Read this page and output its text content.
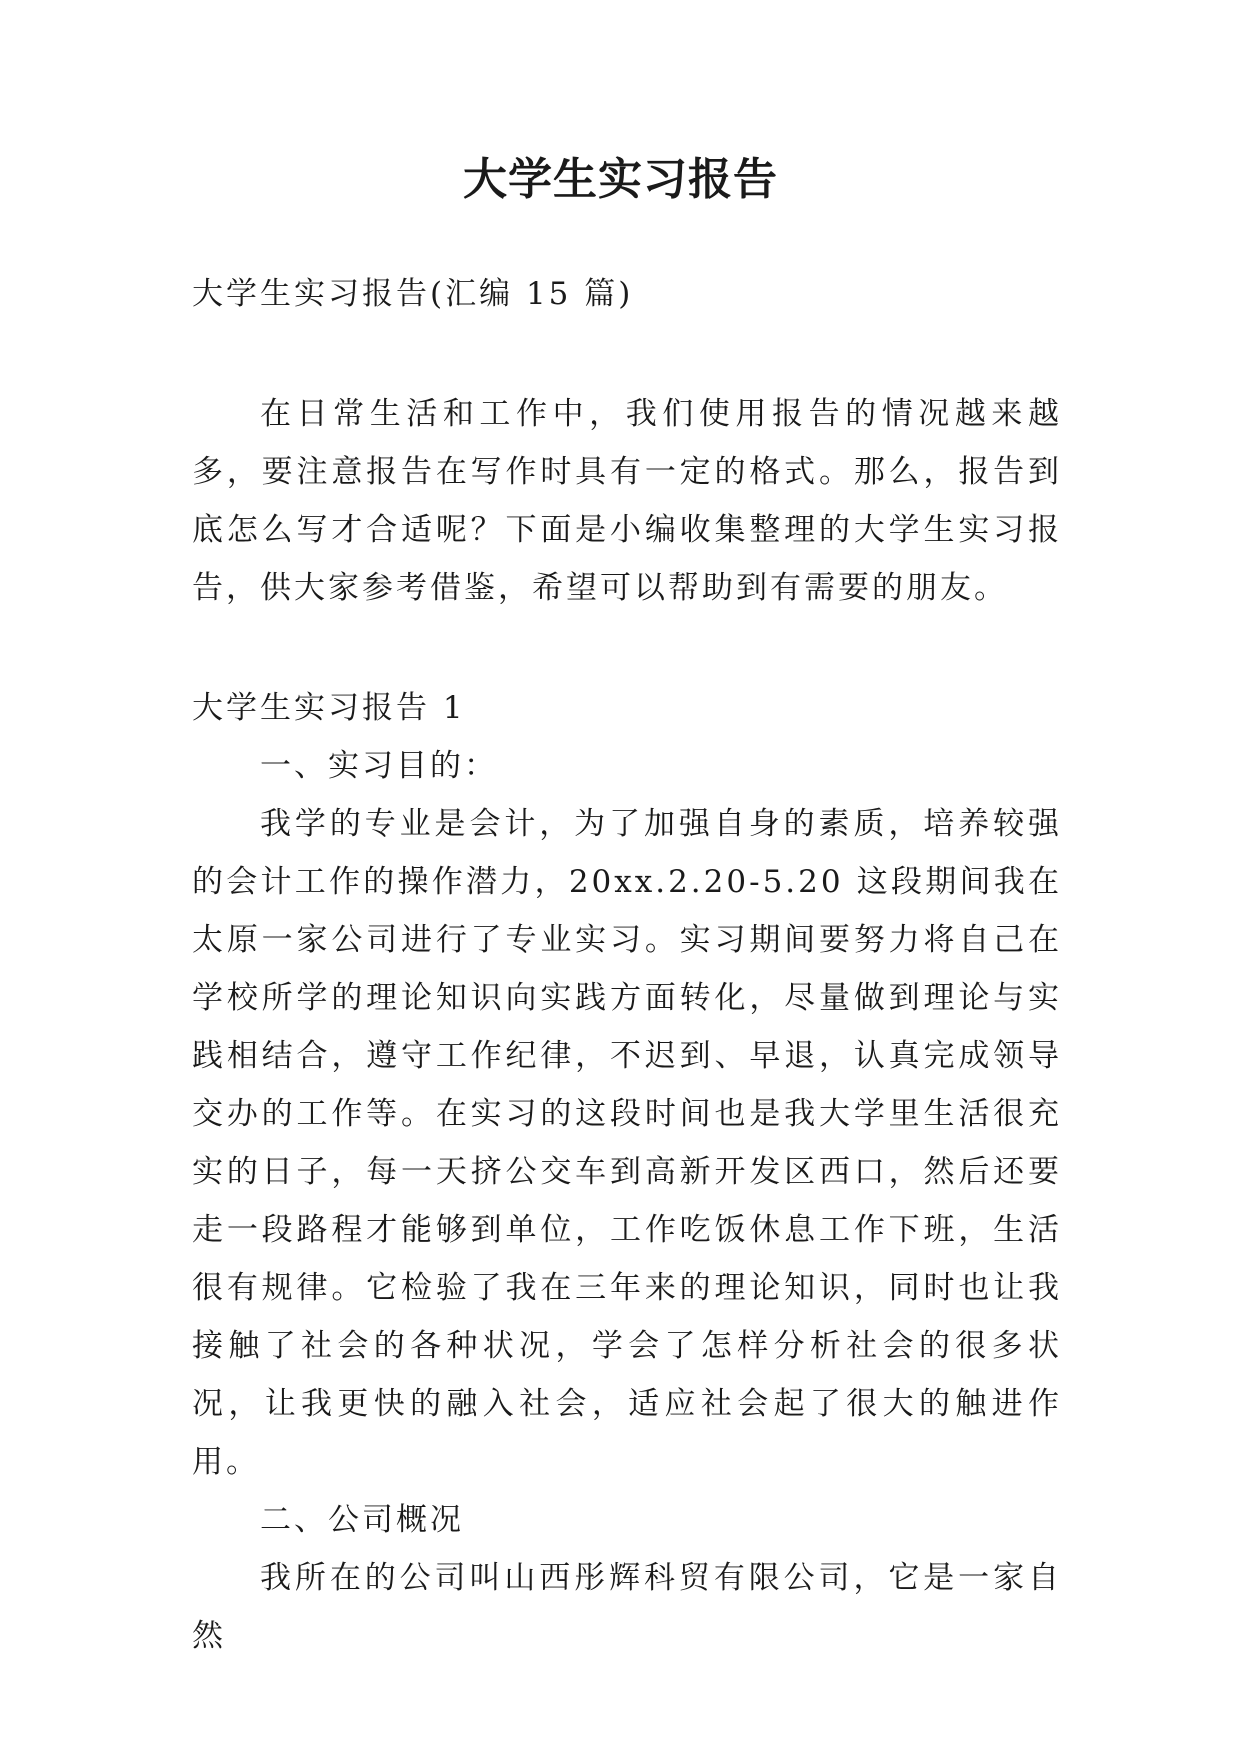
大学生实习报告

大学生实习报告(汇编 15 篇)

在日常生活和工作中，我们使用报告的情况越来越多，要注意报告在写作时具有一定的格式。那么，报告到底怎么写才合适呢？下面是小编收集整理的大学生实习报告，供大家参考借鉴，希望可以帮助到有需要的朋友。

大学生实习报告 1

一、实习目的：

我学的专业是会计，为了加强自身的素质，培养较强的会计工作的操作潜力，20xx.2.20-5.20 这段期间我在太原一家公司进行了专业实习。实习期间要努力将自己在学校所学的理论知识向实践方面转化，尽量做到理论与实践相结合，遵守工作纪律，不迟到、早退，认真完成领导交办的工作等。在实习的这段时间也是我大学里生活很充实的日子，每一天挤公交车到高新开发区西口，然后还要走一段路程才能够到单位，工作吃饭休息工作下班，生活很有规律。它检验了我在三年来的理论知识，同时也让我接触了社会的各种状况，学会了怎样分析社会的很多状况，让我更快的融入社会，适应社会起了很大的触进作用。

二、公司概况

我所在的公司叫山西彤辉科贸有限公司，它是一家自然
